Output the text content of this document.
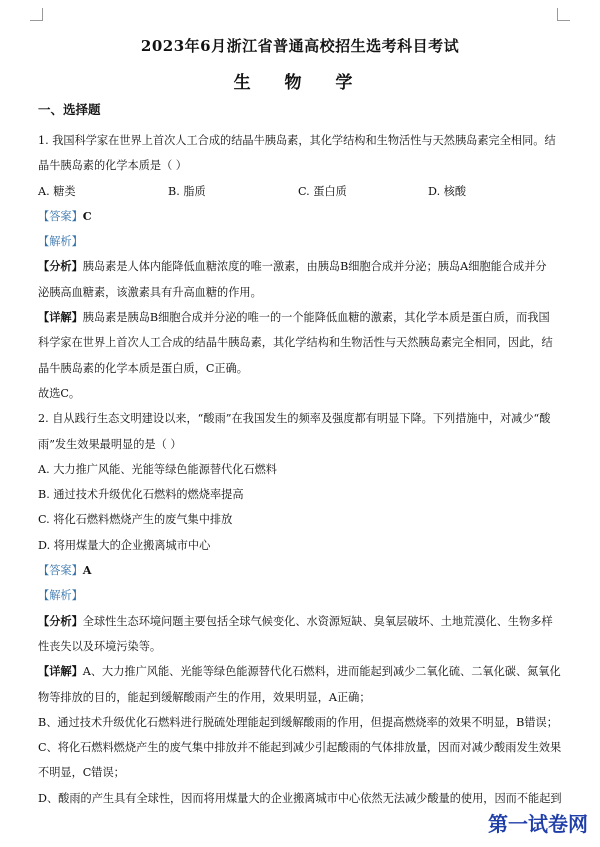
2023年6月浙江省普通高校招生选考科目考试
生 物 学
一、选择题

1. 我国科学家在世界上首次人工合成的结晶牛胰岛素，其化学结构和生物活性与天然胰岛素完全相同。结

晶牛胰岛素的化学本质是（ ）

A. 糖类	B. 脂质	C. 蛋白质	D. 核酸

【答案】C

【解析】

【分析】胰岛素是人体内能降低血糖浓度的唯一激素，由胰岛B细胞合成并分泌；胰岛A细胞能合成并分

泌胰高血糖素，该激素具有升高血糖的作用。

【详解】胰岛素是胰岛B细胞合成并分泌的唯一的一个能降低血糖的激素，其化学本质是蛋白质，而我国

科学家在世界上首次人工合成的结晶牛胰岛素，其化学结构和生物活性与天然胰岛素完全相同，因此，结

晶牛胰岛素的化学本质是蛋白质，C正确。

故选C。

2. 自从践行生态文明建设以来，“酸雨”在我国发生的频率及强度都有明显下降。下列措施中，对减少“酸

雨”发生效果最明显的是（ ）

A. 大力推广风能、光能等绿色能源替代化石燃料

B. 通过技术升级优化石燃料的燃烧率提高

C. 将化石燃料燃烧产生的废气集中排放

D. 将用煤量大的企业搬离城市中心

【答案】A

【解析】

【分析】全球性生态环境问题主要包括全球气候变化、水资源短缺、臭氧层破坏、土地荒漠化、生物多样

性丧失以及环境污染等。

【详解】A、大力推广风能、光能等绿色能源替代化石燃料，进而能起到减少二氧化硫、二氧化碳、氮氧化

物等排放的目的，能起到缓解酸雨产生的作用，效果明显，A正确；

B、通过技术升级优化石燃料进行脱硫处理能起到缓解酸雨的作用，但提高燃烧率的效果不明显，B错误；

C、将化石燃料燃烧产生的废气集中排放并不能起到减少引起酸雨的气体排放量，因而对减少酸雨发生效果

不明显，C错误；

D、酸雨的产生具有全球性，因而将用煤量大的企业搬离城市中心依然无法减少酸量的使用，因而不能起到

第一试卷网
